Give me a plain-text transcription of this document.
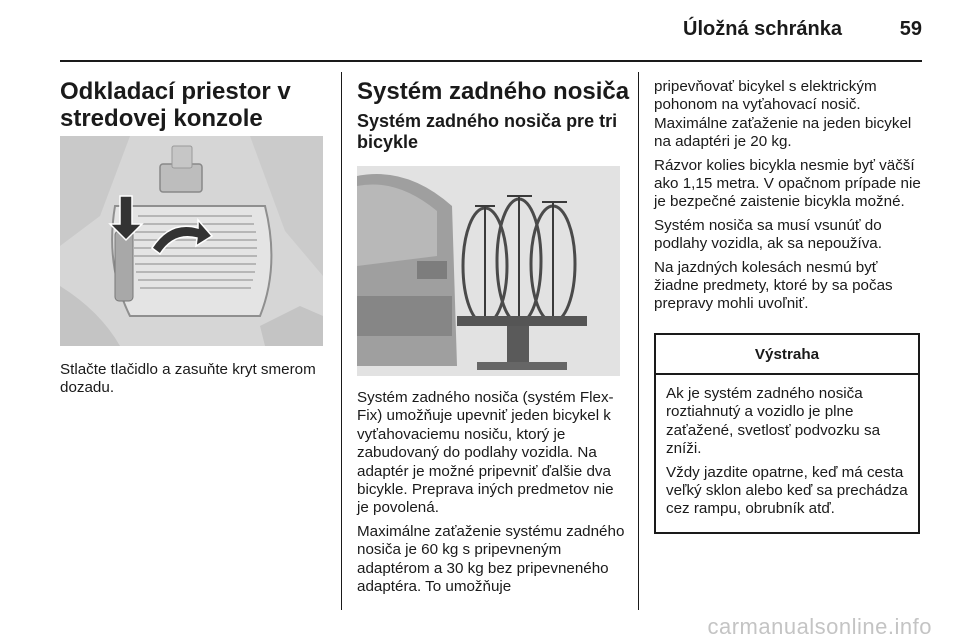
Úložná schránka	59
Odkladací priestor v
stredovej konzole
Stlačte tlačidlo a zasuňte kryt smerom dozadu.
Systém zadného nosiča
Systém zadného nosiča pre tri bicykle

Systém zadného nosiča (systém Flex-Fix) umožňuje upevniť jeden bicykel k vyťahovaciemu nosiču, ktorý je zabudovaný do podlahy vozidla. Na adaptér je možné pripevniť ďalšie dva bicykle. Preprava iných predmetov nie je povolená.

Maximálne zaťaženie systému zadného nosiča je 60 kg s pripevneným adaptérom a 30 kg bez pripevneného adaptéra. To umožňuje

pripevňovať bicykel s elektrickým pohonom na vyťahovací nosič. Maximálne zaťaženie na jeden bicykel na adaptéri je 20 kg.

Rázvor kolies bicykla nesmie byť väčší ako 1,15 metra. V opačnom prípade nie je bezpečné zaistenie bicykla možné.

Systém nosiča sa musí vsunúť do podlahy vozidla, ak sa nepoužíva.

Na jazdných kolesách nesmú byť žiadne predmety, ktoré by sa počas prepravy mohli uvoľniť.

Výstraha

Ak je systém zadného nosiča roztiahnutý a vozidlo je plne zaťažené, svetlosť podvozku sa zníži.

Vždy jazdite opatrne, keď má cesta veľký sklon alebo keď sa prechádza cez rampu, obrubník atď.

carmanualsonline.info
